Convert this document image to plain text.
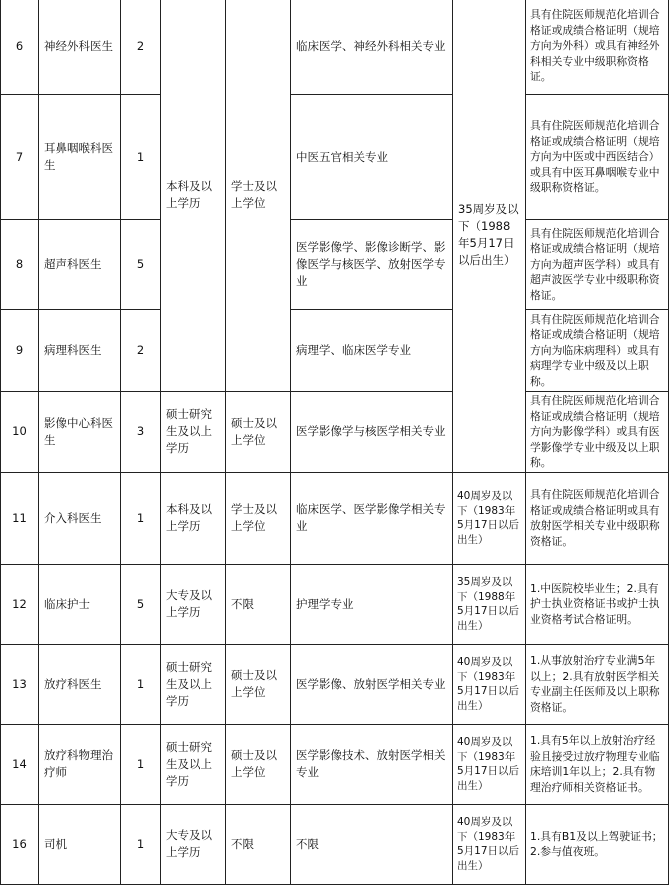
6	神经外科医生	2	本科及以上学历	学士及以上学位	临床医学、神经外科相关专业	35周岁及以下（1988年5月17日以后出生）	具有住院医师规范化培训合格证或成绩合格证明（规培方向为外科）或具有神经外科相关专业中级职称资格证。
7	耳鼻咽喉科医生	1			中医五官相关专业		具有住院医师规范化培训合格证或成绩合格证明（规培方向为中医或中西医结合）或具有中医耳鼻咽喉专业中级职称资格证。
8	超声科医生	5			医学影像学、影像诊断学、影像医学与核医学、放射医学专业		具有住院医师规范化培训合格证或成绩合格证明（规培方向为超声医学科）或具有超声波医学专业中级职称资格证。
9	病理科医生	2			病理学、临床医学专业		具有住院医师规范化培训合格证或成绩合格证明（规培方向为临床病理科）或具有病理学专业中级及以上职称。
10	影像中心科医生	3	硕士研究生及以上学历	硕士及以上学位	医学影像学与核医学相关专业		具有住院医师规范化培训合格证或成绩合格证明（规培方向为影像学科）或具有医学影像学专业中级及以上职称。
11	介入科医生	1	本科及以上学历	学士及以上学位	临床医学、医学影像学相关专业	40周岁及以下（1983年5月17日以后出生）	具有住院医师规范化培训合格证或成绩合格证明或具有放射医学相关专业中级职称资格证。
12	临床护士	5	大专及以上学历	不限	护理学专业	35周岁及以下（1988年5月17日以后出生）	1.中医院校毕业生；2.具有护士执业资格证书或护士执业资格考试合格证明。
13	放疗科医生	1	硕士研究生及以上学历	硕士及以上学位	医学影像、放射医学相关专业	40周岁及以下（1983年5月17日以后出生）	1.从事放射治疗专业满5年以上；2.具有放射医学相关专业副主任医师及以上职称资格证。
14	放疗科物理治疗师	1	硕士研究生及以上学历	硕士及以上学位	医学影像技术、放射医学相关专业	40周岁及以下（1983年5月17日以后出生）	1.具有5年以上放射治疗经验且接受过放疗物理专业临床培训1年以上；2.具有物理治疗师相关资格证书。
16	司机	1	大专及以上学历	不限	不限	40周岁及以下（1983年5月17日以后出生）	1.具有B1及以上驾驶证书；2.参与值夜班。
